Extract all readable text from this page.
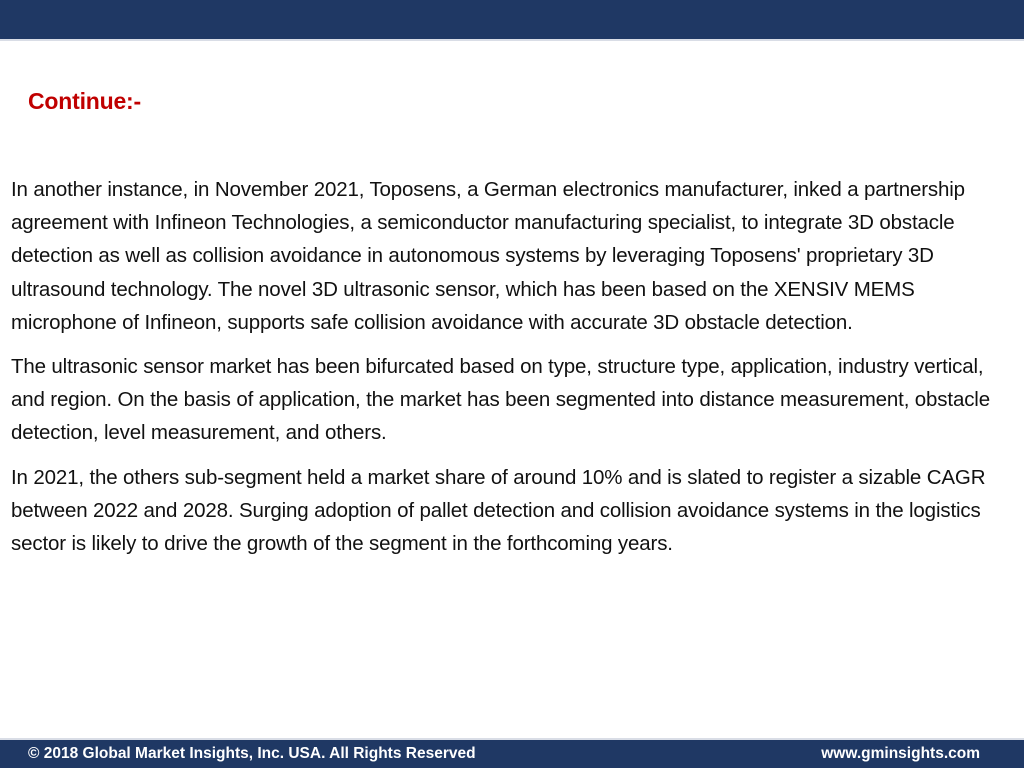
Continue:-

In another instance, in November 2021, Toposens, a German electronics manufacturer, inked a partnership agreement with Infineon Technologies, a semiconductor manufacturing specialist, to integrate 3D obstacle detection as well as collision avoidance in autonomous systems by leveraging Toposens' proprietary 3D ultrasound technology. The novel 3D ultrasonic sensor, which has been based on the XENSIV MEMS microphone of Infineon, supports safe collision avoidance with accurate 3D obstacle detection.

The ultrasonic sensor market has been bifurcated based on type, structure type, application, industry vertical, and region. On the basis of application, the market has been segmented into distance measurement, obstacle detection, level measurement, and others.

In 2021, the others sub-segment held a market share of around 10% and is slated to register a sizable CAGR between 2022 and 2028. Surging adoption of pallet detection and collision avoidance systems in the logistics sector is likely to drive the growth of the segment in the forthcoming years.

© 2018 Global Market Insights, Inc. USA. All Rights Reserved	www.gminsights.com
